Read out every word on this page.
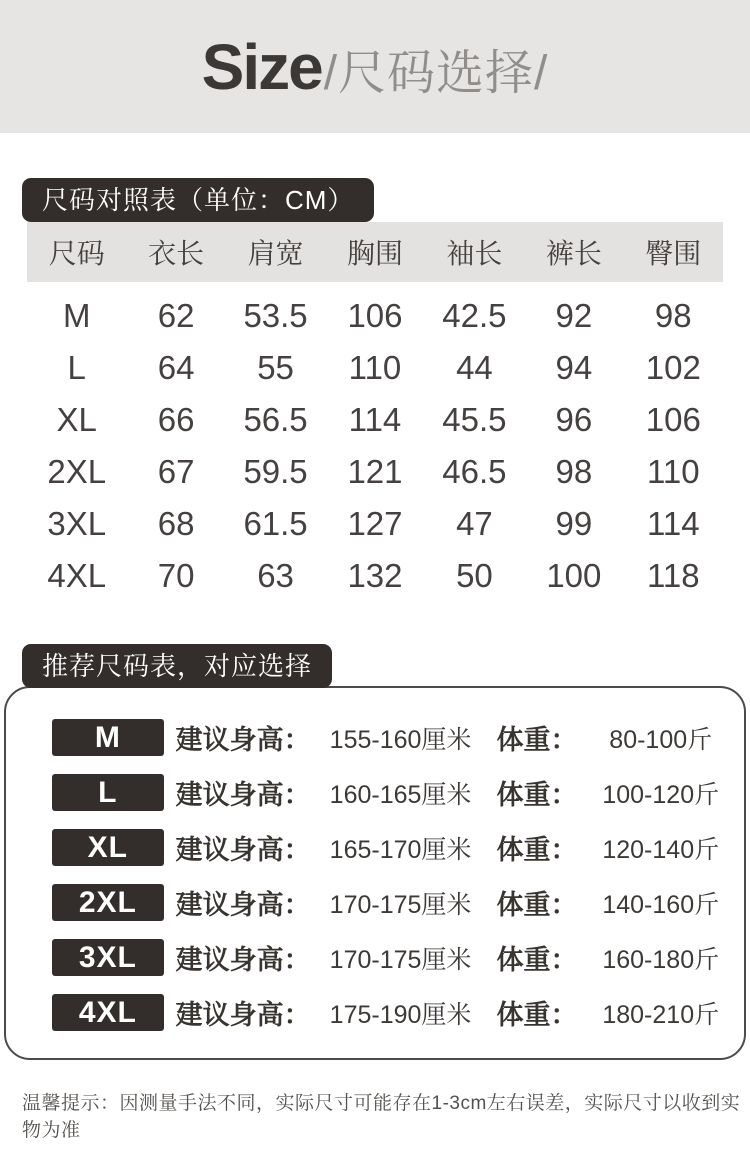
Size /尺码选择/
尺码对照表（单位：CM）
尺码	衣长	肩宽	胸围	袖长	裤长	臀围
M	62	53.5	106	42.5	92	98
L	64	55	110	44	94	102
XL	66	56.5	114	45.5	96	106
2XL	67	59.5	121	46.5	98	110
3XL	68	61.5	127	47	99	114
4XL	70	63	132	50	100	118
推荐尺码表，对应选择
M	建议身高： 155-160厘米 体重：	80-100斤
L	建议身高： 160-165厘米 体重： 100-120斤
XL	建议身高： 165-170厘米 体重： 120-140斤
2XL	建议身高： 170-175厘米 体重： 140-160斤
3XL	建议身高： 170-175厘米 体重： 160-180斤
4XL	建议身高： 175-190厘米 体重： 180-210斤
温馨提示：因测量手法不同，实际尺寸可能存在1-3cm左右误差，实际尺寸以收到实物为准
